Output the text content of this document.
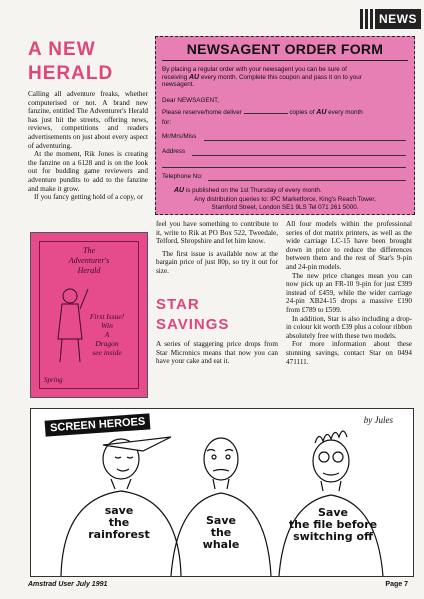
NEWS
A NEW
HERALD

Calling all adventure freaks, whether computerised or not. A brand new fanzine, entitled The Adventurer's Herald has just hit the streets, offering news, reviews, competitions and readers advertisements on just about every aspect of adventuring.

At the moment, Rik Jones is creating the fanzine on a 6128 and is on the look out for budding game reviewers and adventure pundits to add to the fanzine and make it grow.

If you fancy getting hold of a copy, or

The
Adventurer's
Herald
First Issue!
Win
A
Dragon
see inside
Spring
NEWSAGENT ORDER FORM
By placing a regular order with your newsagent you can be sure of
receiving AU every month. Complete this coupon and pass it on to your
newsagent.
Dear NEWSAGENT,
Please reserve/home deliver	copies of AU every month
for:
Mr/Mrs/Miss
Address
Telephone No:
AU is published on the 1st Thursday of every month.
Any distribution queries to: IPC Marketforce, King's Reach Tower,
Stamford Street, London SE1 9LS Tel 071 261 5000.

feel you have something to contribute to it, write to Rik at PO Box 522, Tweedale, Telford, Shropshire and let him know.

The first issue is available now at the bargain price of just 80p, so try it out for size.

STAR
SAVINGS
A series of staggering price drops from Star Micronics means that now you can have your cake and eat it.

All four models within the professional series of dot matrix printers, as well as the wide carriage LC-15 have been brought down in price to reduce the differences between them and the rest of Star's 9-pin and 24-pin models.

The new price changes mean you can now pick up an FR-10 9-pin for just £399 instead of £459, while the wider carriage 24-pin XB24-15 drops a massive £190 from £789 to £599.

In addition, Star is also including a drop-in colour kit worth £39 plus a colour ribbon absolutely free with these two models.

For more information about these stunning savings, contact Star on 0494 471111.

SCREEN HEROES	by Jules
save
the
rainforest
Save
the
whale
Save
the file before
switching off
Amstrad User July 1991	Page 7
